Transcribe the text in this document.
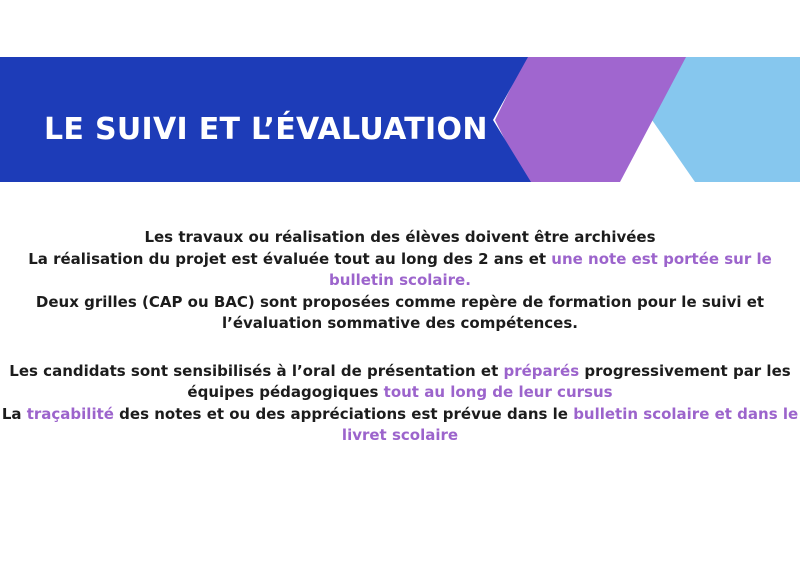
LE SUIVI ET L’ÉVALUATION

Les travaux ou réalisation des élèves doivent être archivées
La réalisation du projet est évaluée tout au long des 2 ans et une note est portée sur le bulletin scolaire.
Deux grilles (CAP ou BAC) sont proposées comme repère de formation pour le suivi et l’évaluation sommative des compétences.

Les candidats sont sensibilisés à l’oral de présentation et préparés progressivement par les équipes pédagogiques tout au long de leur cursus
La traçabilité des notes et ou des appréciations est prévue dans le bulletin scolaire et dans le livret scolaire
